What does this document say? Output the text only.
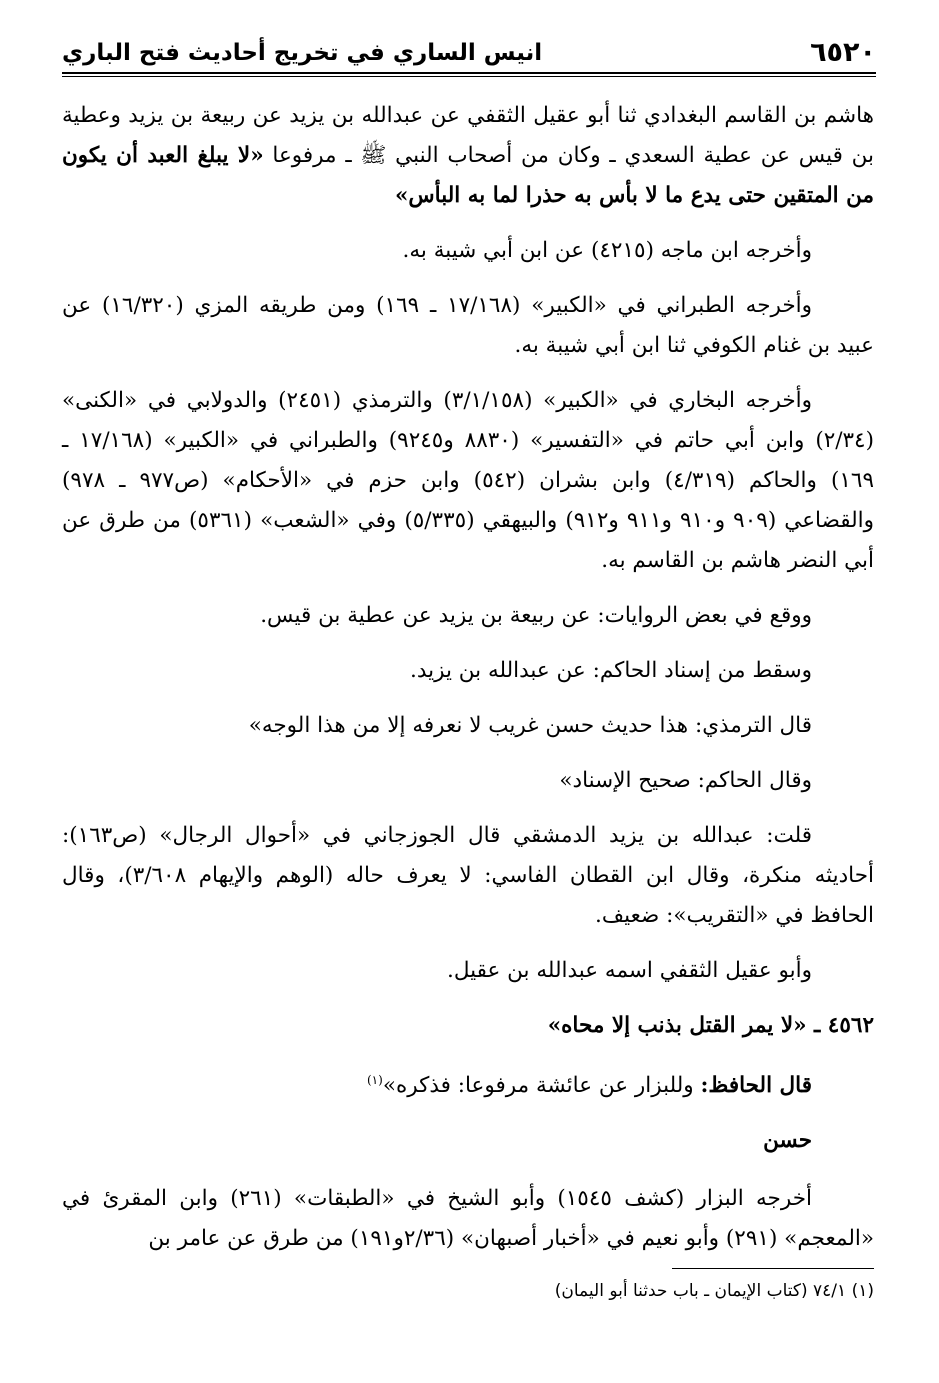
٦٥٢٠
انيس الساري في تخريج أحاديث فتح الباري

هاشم بن القاسم البغدادي ثنا أبو عقيل الثقفي عن عبدالله بن يزيد عن ربيعة بن يزيد وعطية بن قيس عن عطية السعدي ـ وكان من أصحاب النبي ﷺ ـ مرفوعا «لا يبلغ العبد أن يكون من المتقين حتى يدع ما لا بأس به حذرا لما به البأس»

وأخرجه ابن ماجه (٤٢١٥) عن ابن أبي شيبة به.

وأخرجه الطبراني في «الكبير» (١٧/١٦٨ ـ ١٦٩) ومن طريقه المزي (١٦/٣٢٠) عن عبيد بن غنام الكوفي ثنا ابن أبي شيبة به.

وأخرجه البخاري في «الكبير» (٣/١/١٥٨) والترمذي (٢٤٥١) والدولابي في «الكنى» (٢/٣٤) وابن أبي حاتم في «التفسير» (٨٨٣٠ و٩٢٤٥) والطبراني في «الكبير» (١٧/١٦٨ ـ ١٦٩) والحاكم (٤/٣١٩) وابن بشران (٥٤٢) وابن حزم في «الأحكام» (ص٩٧٧ ـ ٩٧٨) والقضاعي (٩٠٩ و٩١٠ و٩١١ و٩١٢) والبيهقي (٥/٣٣٥) وفي «الشعب» (٥٣٦١) من طرق عن أبي النضر هاشم بن القاسم به.

ووقع في بعض الروايات: عن ربيعة بن يزيد عن عطية بن قيس.

وسقط من إسناد الحاكم: عن عبدالله بن يزيد.

قال الترمذي: هذا حديث حسن غريب لا نعرفه إلا من هذا الوجه»

وقال الحاكم: صحيح الإسناد»

قلت: عبدالله بن يزيد الدمشقي قال الجوزجاني في «أحوال الرجال» (ص١٦٣): أحاديثه منكرة، وقال ابن القطان الفاسي: لا يعرف حاله (الوهم والإيهام ٣/٦٠٨)، وقال الحافظ في «التقريب»: ضعيف.

وأبو عقيل الثقفي اسمه عبدالله بن عقيل.

٤٥٦٢ ـ «لا يمر القتل بذنب إلا محاه»

قال الحافظ: وللبزار عن عائشة مرفوعا: فذكره»$^{(١)}$

حسن

أخرجه البزار (كشف ١٥٤٥) وأبو الشيخ في «الطبقات» (٢٦١) وابن المقرئ في «المعجم» (٢٩١) وأبو نعيم في «أخبار أصبهان» (٢/٣٦و١٩١) من طرق عن عامر بن

(١) ٧٤/١ (كتاب الإيمان ـ باب حدثنا أبو اليمان)
